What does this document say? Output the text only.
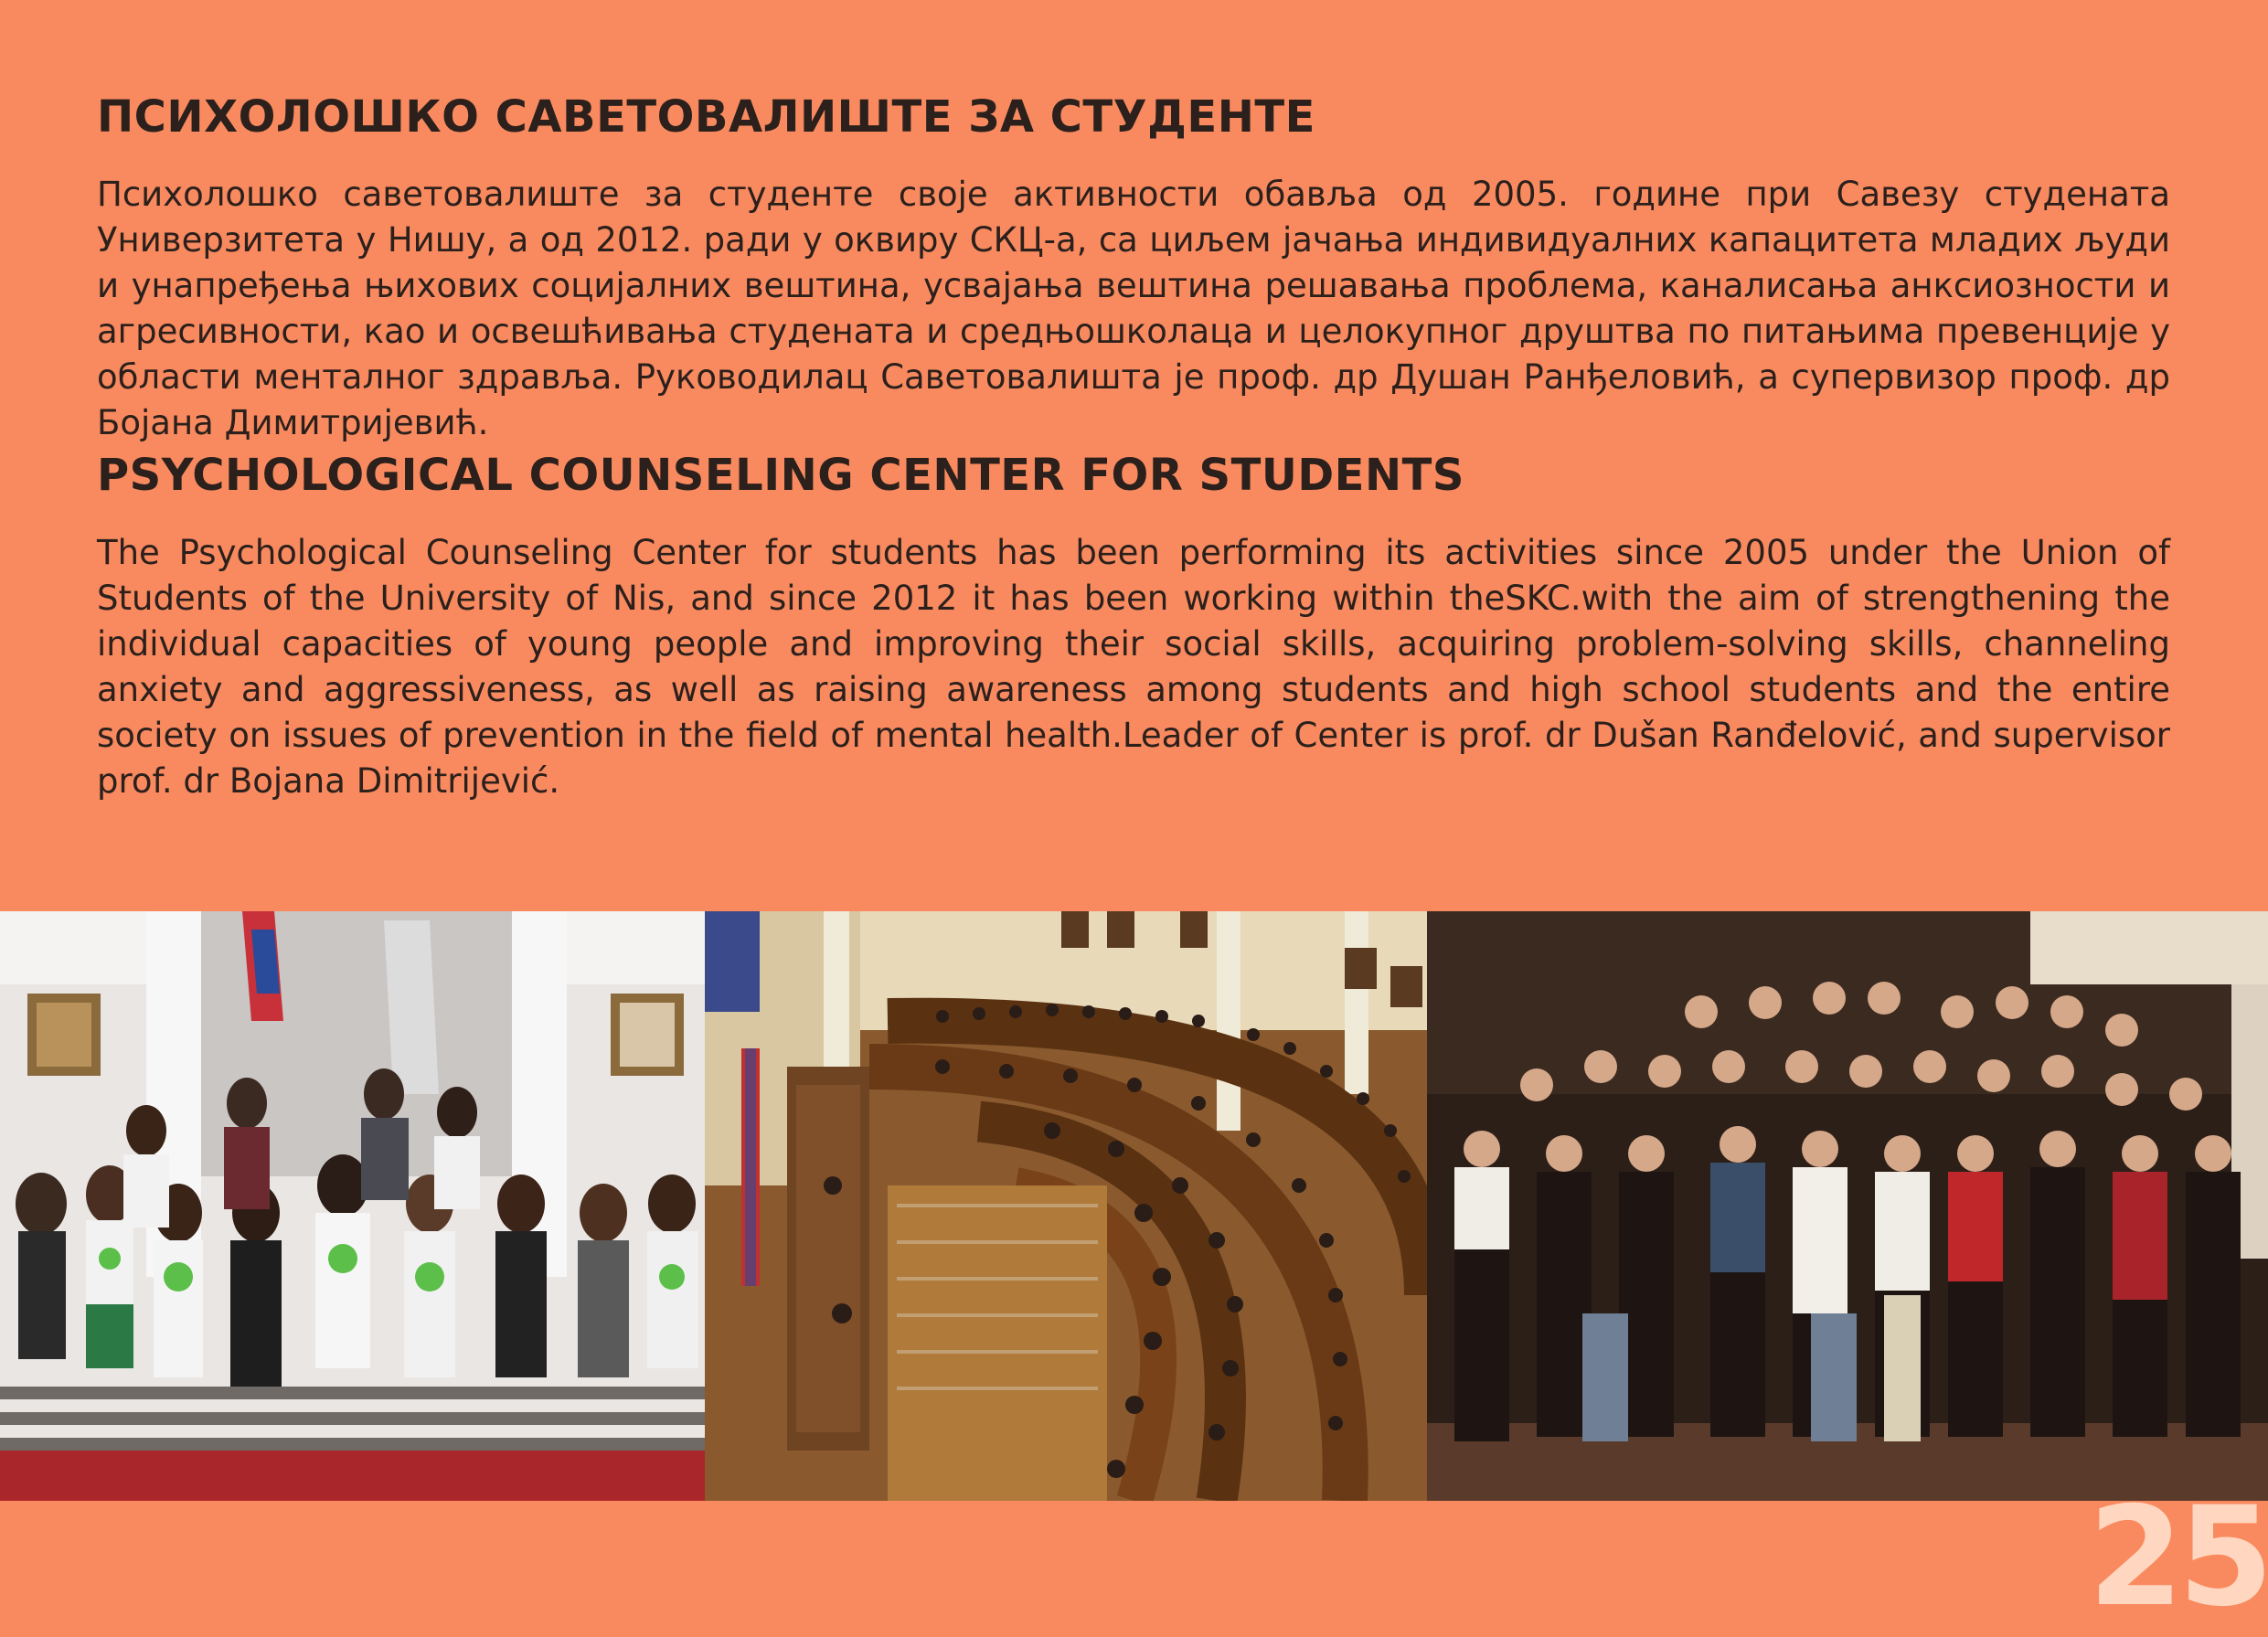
ПСИХОЛОШКО САВЕТОВАЛИШТЕ ЗА СТУДЕНТЕ

Психолошко саветовалиште за студенте своје активности обавља од 2005. године при Савезу студената Универзитета у Нишу, а од 2012. ради у оквиру СКЦ-а, са циљем јачања индивидуалних капацитета младих људи и унапређења њихових социјалних вештина, усвајања вештина решавања проблема, каналисања анксиозности и агресивности, као и освешћивања студената и средњошколаца и целокупног друштва по питањима превенције у области менталног здравља. Руководилац Саветовалишта је проф. др Душан Ранђеловић, а супервизор проф. др Бојана Димитријевић.

PSYCHOLOGICAL COUNSELING CENTER FOR STUDENTS

The Psychological Counseling Center for students has been performing its activities since 2005 under the Union of Students of the University of Nis, and since 2012 it has been working within theSKC.with the aim of strengthening the individual capacities of young people and improving their social skills, acquiring problem-solving skills, channeling anxiety and aggressiveness, as well as raising awareness among students and high school students and the entire society on issues of prevention in the field of mental health.Leader of Center is prof. dr Dušan Ranđelović, and supervisor prof. dr Bojana Dimitrijević.

25
